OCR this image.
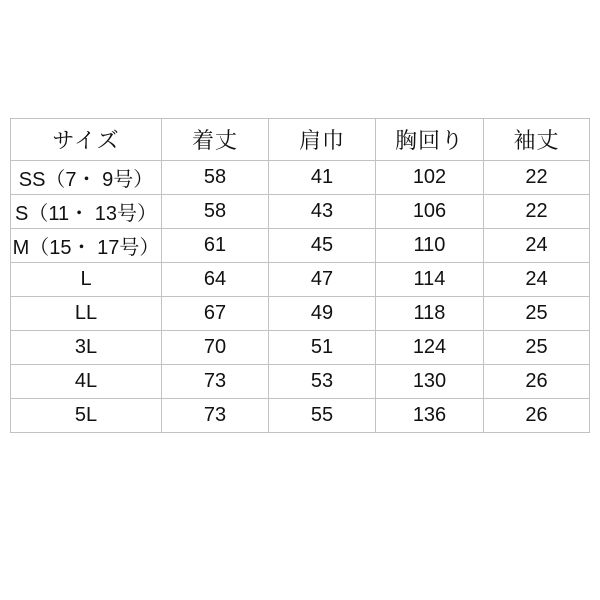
サイズ	着丈	肩巾	胸回り	袖丈
SS（7・ 9号）	58	41	102	22
S（11・ 13号）	58	43	106	22
M（15・ 17号）	61	45	110	24
L	64	47	114	24
LL	67	49	118	25
3L	70	51	124	25
4L	73	53	130	26
5L	73	55	136	26
